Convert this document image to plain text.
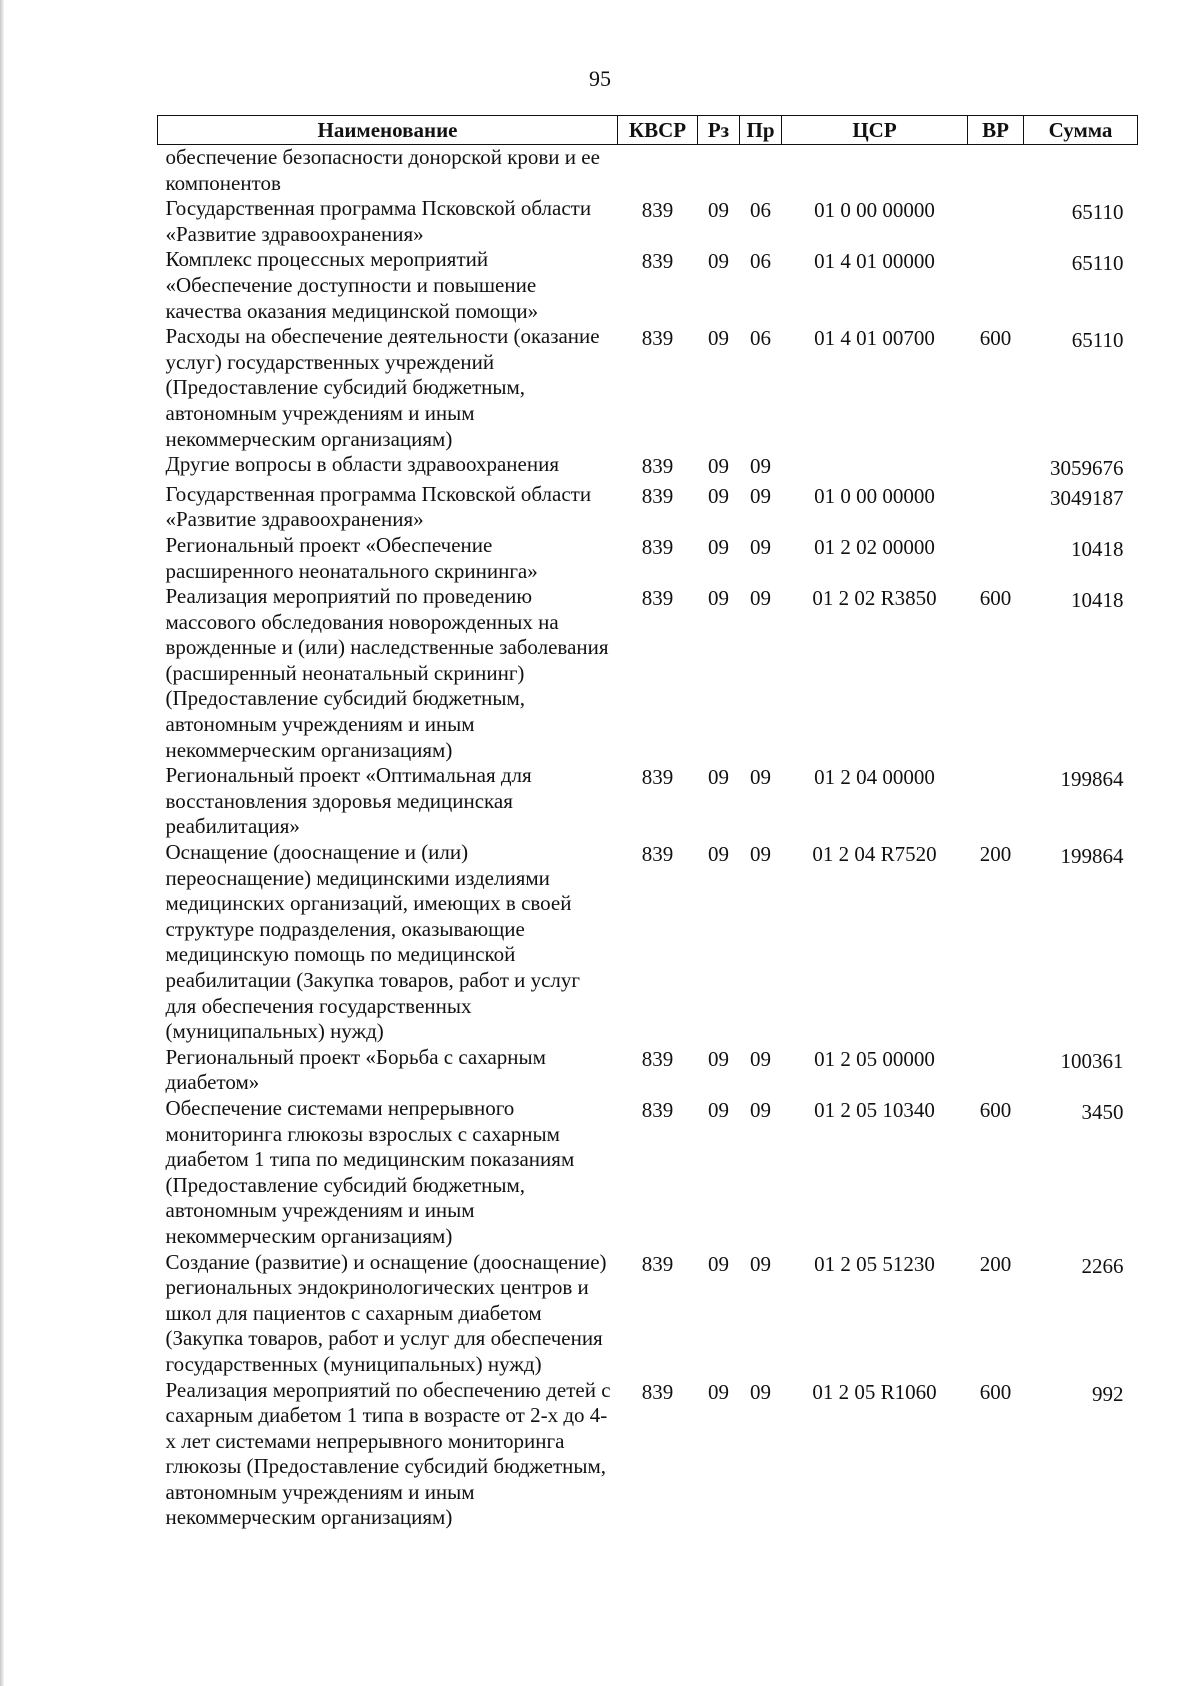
95
Наименование	КВСР	Рз	Пр	ЦСР	ВР	Сумма
обеспечение безопасности донорской крови и ее компонентов						
Государственная программа Псковской области «Развитие здравоохранения»	839	09	06	01 0 00 00000		65110
Комплекс процессных мероприятий «Обеспечение доступности и повышение качества оказания медицинской помощи»	839	09	06	01 4 01 00000		65110
Расходы на обеспечение деятельности (оказание услуг) государственных учреждений (Предоставление субсидий бюджетным, автономным учреждениям и иным некоммерческим организациям)	839	09	06	01 4 01 00700	600	65110
Другие вопросы в области здравоохранения	839	09	09			3059676
Государственная программа Псковской области «Развитие здравоохранения»	839	09	09	01 0 00 00000		3049187
Региональный проект «Обеспечение расширенного неонатального скрининга»	839	09	09	01 2 02 00000		10418
Реализация мероприятий по проведению массового обследования новорожденных на врожденные и (или) наследственные заболевания (расширенный неонатальный скрининг) (Предоставление субсидий бюджетным, автономным учреждениям и иным некоммерческим организациям)	839	09	09	01 2 02 R3850	600	10418
Региональный проект «Оптимальная для восстановления здоровья медицинская реабилитация»	839	09	09	01 2 04 00000		199864
Оснащение (дооснащение и (или) переоснащение) медицинскими изделиями медицинских организаций, имеющих в своей структуре подразделения, оказывающие медицинскую помощь по медицинской реабилитации (Закупка товаров, работ и услуг для обеспечения государственных (муниципальных) нужд)	839	09	09	01 2 04 R7520	200	199864
Региональный проект «Борьба с сахарным диабетом»	839	09	09	01 2 05 00000		100361
Обеспечение системами непрерывного мониторинга глюкозы взрослых с сахарным диабетом 1 типа по медицинским показаниям (Предоставление субсидий бюджетным, автономным учреждениям и иным некоммерческим организациям)	839	09	09	01 2 05 10340	600	3450
Создание (развитие) и оснащение (дооснащение) региональных эндокринологических центров и школ для пациентов с сахарным диабетом (Закупка товаров, работ и услуг для обеспечения государственных (муниципальных) нужд)	839	09	09	01 2 05 51230	200	2266
Реализация мероприятий по обеспечению детей с сахарным диабетом 1 типа в возрасте от 2-х до 4-х лет системами непрерывного мониторинга глюкозы (Предоставление субсидий бюджетным, автономным учреждениям и иным некоммерческим организациям)	839	09	09	01 2 05 R1060	600	992
